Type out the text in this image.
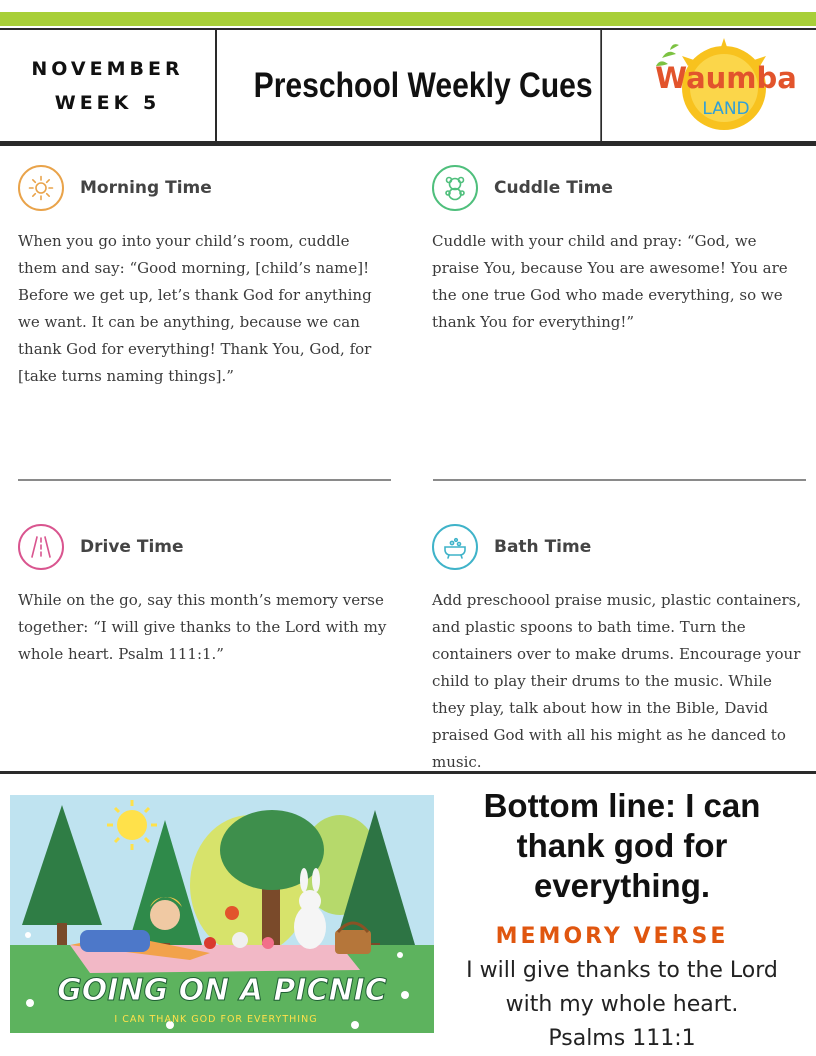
NOVEMBER
WEEK 5	Preschool Weekly Cues	Waumba
LAND
Morning Time
When you go into your child’s room, cuddle them and say: “Good morning, [child’s name]! Before we get up, let’s thank God for anything we want. It can be anything, because we can thank God for everything! Thank You, God, for [take turns naming things].”
Cuddle Time
Cuddle with your child and pray: “God, we praise You, because You are awesome! You are the one true God who made everything, so we thank You for everything!”
Drive Time
While on the go, say this month’s memory verse together: “I will give thanks to the Lord with my whole heart. Psalm 111:1.”
Bath Time
Add preschoool praise music, plastic containers, and plastic spoons to bath time. Turn the containers over to make drums. Encourage your child to play their drums to the music. While they play, talk about how in the Bible, David praised God with all his might as he danced to music.
GOING ON A PICNIC
I CAN THANK GOD FOR EVERYTHING
Bottom line: I can thank god for everything.
MEMORY VERSE
I will give thanks to the Lord
with my whole heart.
Psalms 111:1
